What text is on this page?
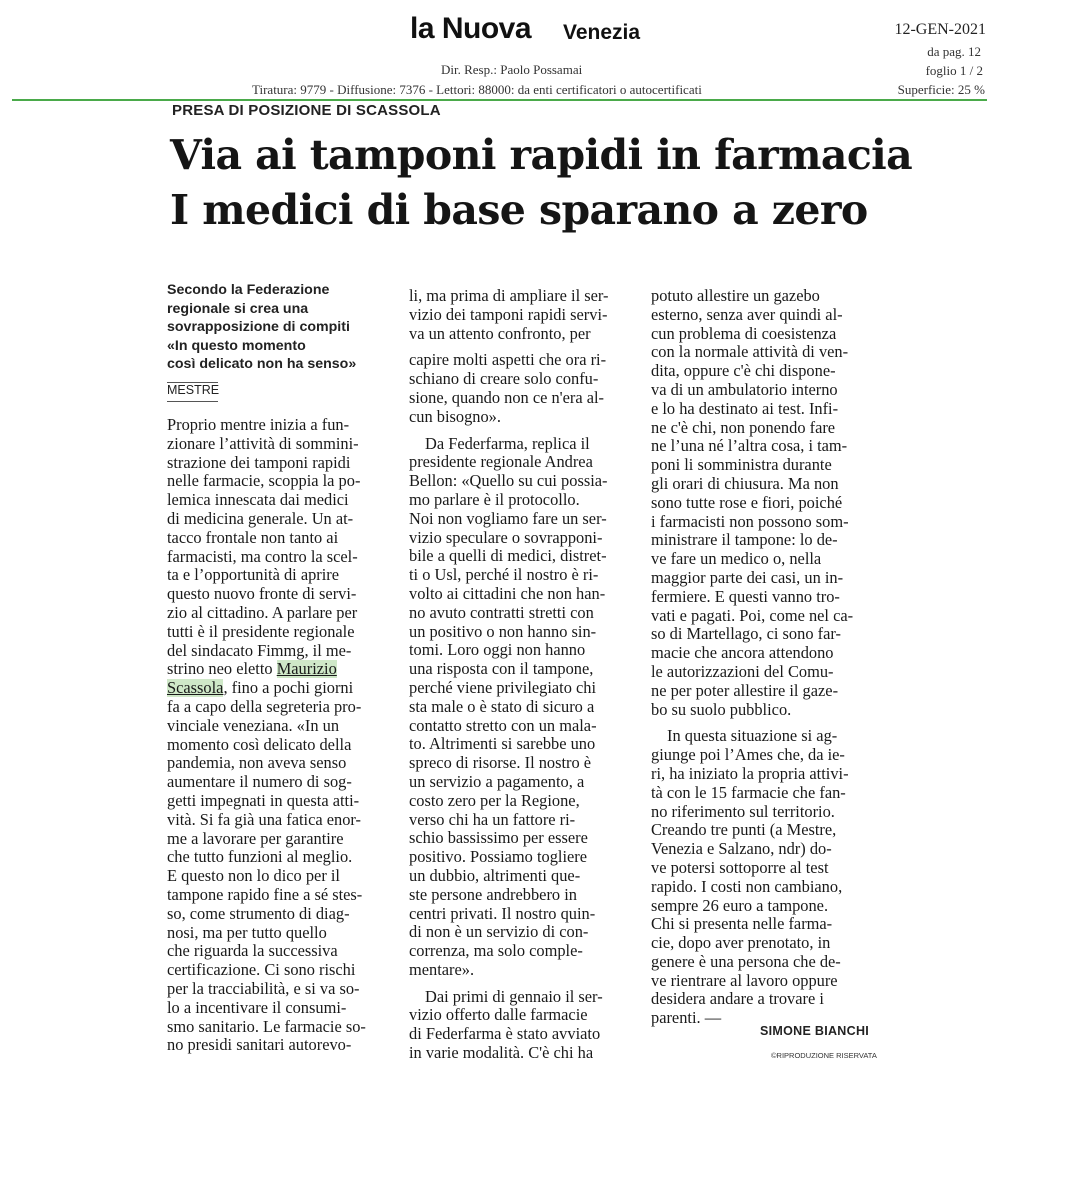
la Nuova Venezia
Dir. Resp.: Paolo Possamai
Tiratura: 9779 - Diffusione: 7376 - Lettori: 88000: da enti certificatori o autocertificati
12-GEN-2021
da pag. 12
foglio 1 / 2
Superficie: 25 %
PRESA DI POSIZIONE DI SCASSOLA
Via ai tamponi rapidi in farmacia
I medici di base sparano a zero
Secondo la Federazione
regionale si crea una
sovrapposizione di compiti
«In questo momento
così delicato non ha senso»
MESTRE
Proprio mentre inizia a fun-
zionare l’attività di sommini-
strazione dei tamponi rapidi
nelle farmacie, scoppia la po-
lemica innescata dai medici
di medicina generale. Un at-
tacco frontale non tanto ai
farmacisti, ma contro la scel-
ta e l’opportunità di aprire
questo nuovo fronte di servi-
zio al cittadino. A parlare per
tutti è il presidente regionale
del sindacato Fimmg, il me-
strino neo eletto Maurizio
Scassola, fino a pochi giorni
fa a capo della segreteria pro-
vinciale veneziana. «In un
momento così delicato della
pandemia, non aveva senso
aumentare il numero di sog-
getti impegnati in questa atti-
vità. Si fa già una fatica enor-
me a lavorare per garantire
che tutto funzioni al meglio.
E questo non lo dico per il
tampone rapido fine a sé stes-
so, come strumento di diag-
nosi, ma per tutto quello
che riguarda la successiva
certificazione. Ci sono rischi
per la tracciabilità, e si va so-
lo a incentivare il consumi-
smo sanitario. Le farmacie so-
no presidi sanitari autorevo-
li, ma prima di ampliare il ser-
vizio dei tamponi rapidi servi-
va un attento confronto, per
capire molti aspetti che ora ri-
schiano di creare solo confu-
sione, quando non ce n'era al-
cun bisogno».
Da Federfarma, replica il
presidente regionale Andrea
Bellon: «Quello su cui possia-
mo parlare è il protocollo.
Noi non vogliamo fare un ser-
vizio speculare o sovrapponi-
bile a quelli di medici, distret-
ti o Usl, perché il nostro è ri-
volto ai cittadini che non han-
no avuto contratti stretti con
un positivo o non hanno sin-
tomi. Loro oggi non hanno
una risposta con il tampone,
perché viene privilegiato chi
sta male o è stato di sicuro a
contatto stretto con un mala-
to. Altrimenti si sarebbe uno
spreco di risorse. Il nostro è
un servizio a pagamento, a
costo zero per la Regione,
verso chi ha un fattore ri-
schio bassissimo per essere
positivo. Possiamo togliere
un dubbio, altrimenti que-
ste persone andrebbero in
centri privati. Il nostro quin-
di non è un servizio di con-
correnza, ma solo comple-
mentare».
Dai primi di gennaio il ser-
vizio offerto dalle farmacie
di Federfarma è stato avviato
in varie modalità. C'è chi ha
potuto allestire un gazebo
esterno, senza aver quindi al-
cun problema di coesistenza
con la normale attività di ven-
dita, oppure c'è chi dispone-
va di un ambulatorio interno
e lo ha destinato ai test. Infi-
ne c'è chi, non ponendo fare
ne l’una né l’altra cosa, i tam-
poni li somministra durante
gli orari di chiusura. Ma non
sono tutte rose e fiori, poiché
i farmacisti non possono som-
ministrare il tampone: lo de-
ve fare un medico o, nella
maggior parte dei casi, un in-
fermiere. E questi vanno tro-
vati e pagati. Poi, come nel ca-
so di Martellago, ci sono far-
macie che ancora attendono
le autorizzazioni del Comu-
ne per poter allestire il gaze-
bo su suolo pubblico.
In questa situazione si ag-
giunge poi l’Ames che, da ie-
ri, ha iniziato la propria attivi-
tà con le 15 farmacie che fan-
no riferimento sul territorio.
Creando tre punti (a Mestre,
Venezia e Salzano, ndr) do-
ve potersi sottoporre al test
rapido. I costi non cambiano,
sempre 26 euro a tampone.
Chi si presenta nelle farma-
cie, dopo aver prenotato, in
genere è una persona che de-
ve rientrare al lavoro oppure
desidera andare a trovare i
parenti. —
SIMONE BIANCHI
©RIPRODUZIONE RISERVATA
